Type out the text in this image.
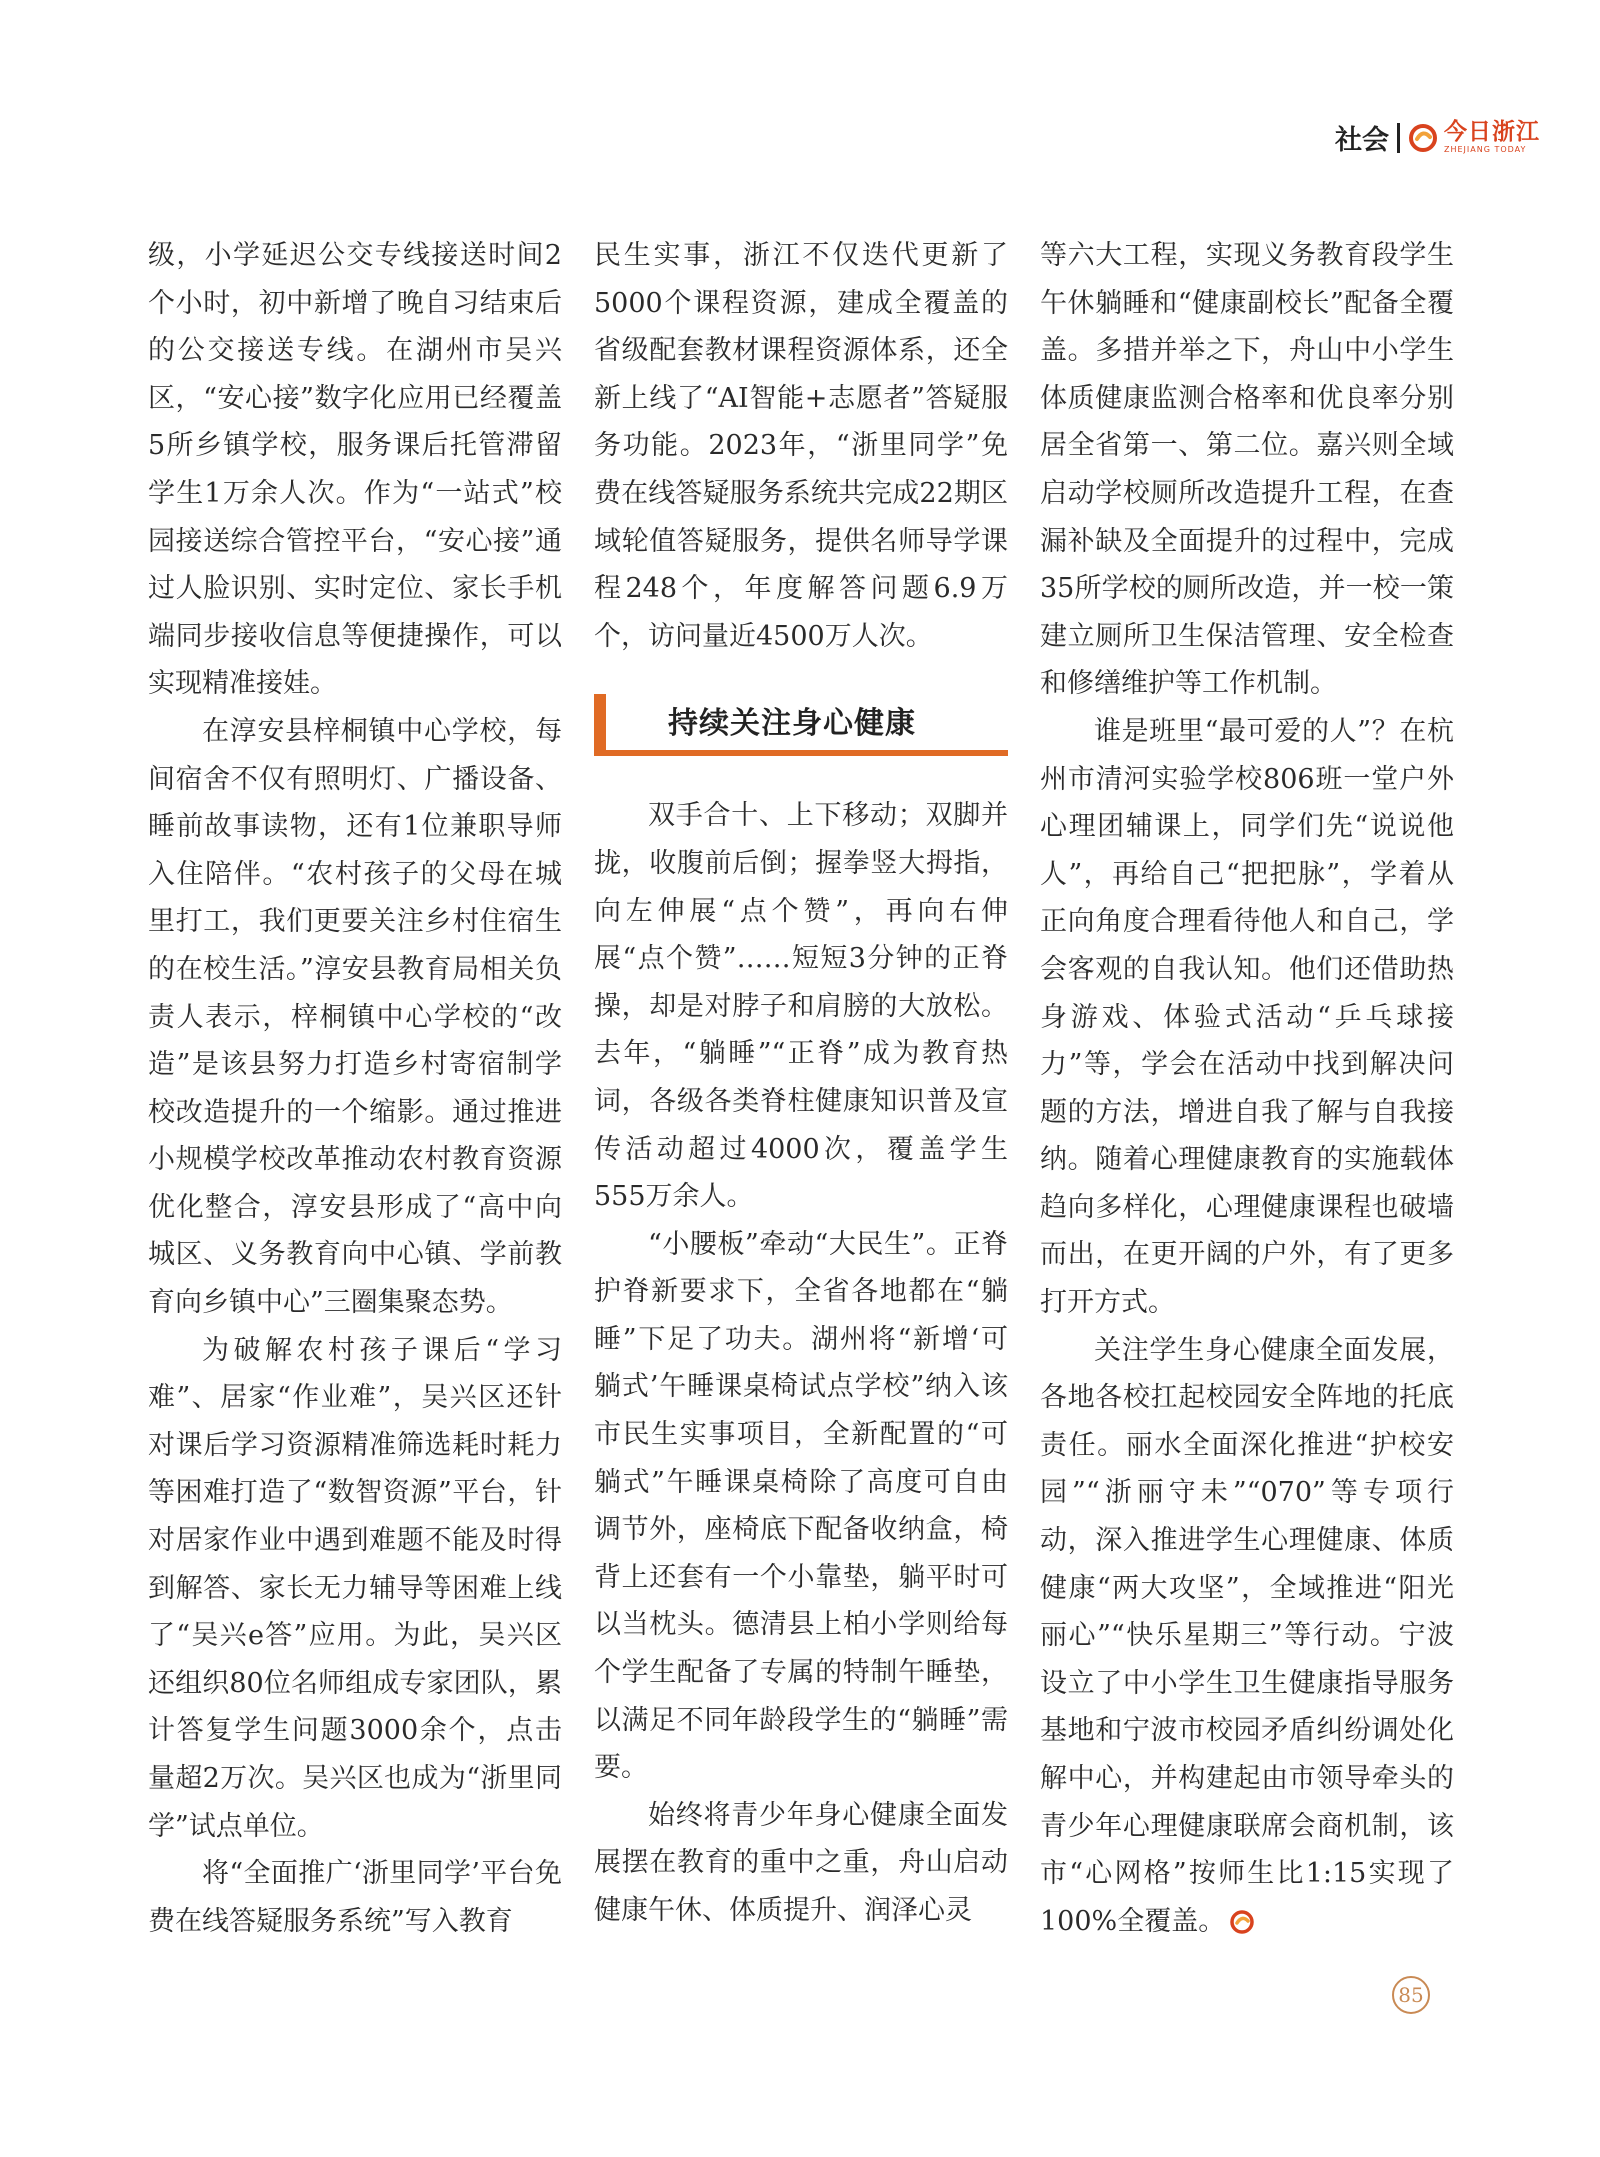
社会 今日浙江
ZHEJIANG TODAY

级，小学延迟公交专线接送时间2个小时，初中新增了晚自习结束后的公交接送专线。在湖州市吴兴区，“安心接”数字化应用已经覆盖5所乡镇学校，服务课后托管滞留学生1万余人次。作为“一站式”校园接送综合管控平台，“安心接”通过人脸识别、实时定位、家长手机端同步接收信息等便捷操作，可以实现精准接娃。

在淳安县梓桐镇中心学校，每间宿舍不仅有照明灯、广播设备、睡前故事读物，还有1位兼职导师入住陪伴。“农村孩子的父母在城里打工，我们更要关注乡村住宿生的在校生活。”淳安县教育局相关负责人表示，梓桐镇中心学校的“改造”是该县努力打造乡村寄宿制学校改造提升的一个缩影。通过推进小规模学校改革推动农村教育资源优化整合，淳安县形成了“高中向城区、义务教育向中心镇、学前教育向乡镇中心”三圈集聚态势。

为破解农村孩子课后“学习难”、居家“作业难”，吴兴区还针对课后学习资源精准筛选耗时耗力等困难打造了“数智资源”平台，针对居家作业中遇到难题不能及时得到解答、家长无力辅导等困难上线了“吴兴e答”应用。为此，吴兴区还组织80位名师组成专家团队，累计答复学生问题3000余个，点击量超2万次。吴兴区也成为“浙里同学”试点单位。

将“全面推广‘浙里同学’平台免费在线答疑服务系统”写入教育

民生实事，浙江不仅迭代更新了5000个课程资源，建成全覆盖的省级配套教材课程资源体系，还全新上线了“AI智能+志愿者”答疑服务功能。2023年，“浙里同学”免费在线答疑服务系统共完成22期区域轮值答疑服务，提供名师导学课程248个，年度解答问题6.9万个，访问量近4500万人次。

持续关注身心健康

双手合十、上下移动；双脚并拢，收腹前后倒；握拳竖大拇指，向左伸展“点个赞”，再向右伸展“点个赞”……短短3分钟的正脊操，却是对脖子和肩膀的大放松。去年，“躺睡”“正脊”成为教育热词，各级各类脊柱健康知识普及宣传活动超过4000次，覆盖学生555万余人。

“小腰板”牵动“大民生”。正脊护脊新要求下，全省各地都在“躺睡”下足了功夫。湖州将“新增‘可躺式’午睡课桌椅试点学校”纳入该市民生实事项目，全新配置的“可躺式”午睡课桌椅除了高度可自由调节外，座椅底下配备收纳盒，椅背上还套有一个小靠垫，躺平时可以当枕头。德清县上柏小学则给每个学生配备了专属的特制午睡垫，以满足不同年龄段学生的“躺睡”需要。

始终将青少年身心健康全面发展摆在教育的重中之重，舟山启动健康午休、体质提升、润泽心灵

等六大工程，实现义务教育段学生午休躺睡和“健康副校长”配备全覆盖。多措并举之下，舟山中小学生体质健康监测合格率和优良率分别居全省第一、第二位。嘉兴则全域启动学校厕所改造提升工程，在查漏补缺及全面提升的过程中，完成35所学校的厕所改造，并一校一策建立厕所卫生保洁管理、安全检查和修缮维护等工作机制。

谁是班里“最可爱的人”？在杭州市清河实验学校806班一堂户外心理团辅课上，同学们先“说说他人”，再给自己“把把脉”，学着从正向角度合理看待他人和自己，学会客观的自我认知。他们还借助热身游戏、体验式活动“乒乓球接力”等，学会在活动中找到解决问题的方法，增进自我了解与自我接纳。随着心理健康教育的实施载体趋向多样化，心理健康课程也破墙而出，在更开阔的户外，有了更多打开方式。

关注学生身心健康全面发展，各地各校扛起校园安全阵地的托底责任。丽水全面深化推进“护校安园”“浙丽守未”“070”等专项行动，深入推进学生心理健康、体质健康“两大攻坚”，全域推进“阳光丽心”“快乐星期三”等行动。宁波设立了中小学生卫生健康指导服务基地和宁波市校园矛盾纠纷调处化解中心，并构建起由市领导牵头的青少年心理健康联席会商机制，该市“心网格”按师生比1:15实现了100%全覆盖。

85
